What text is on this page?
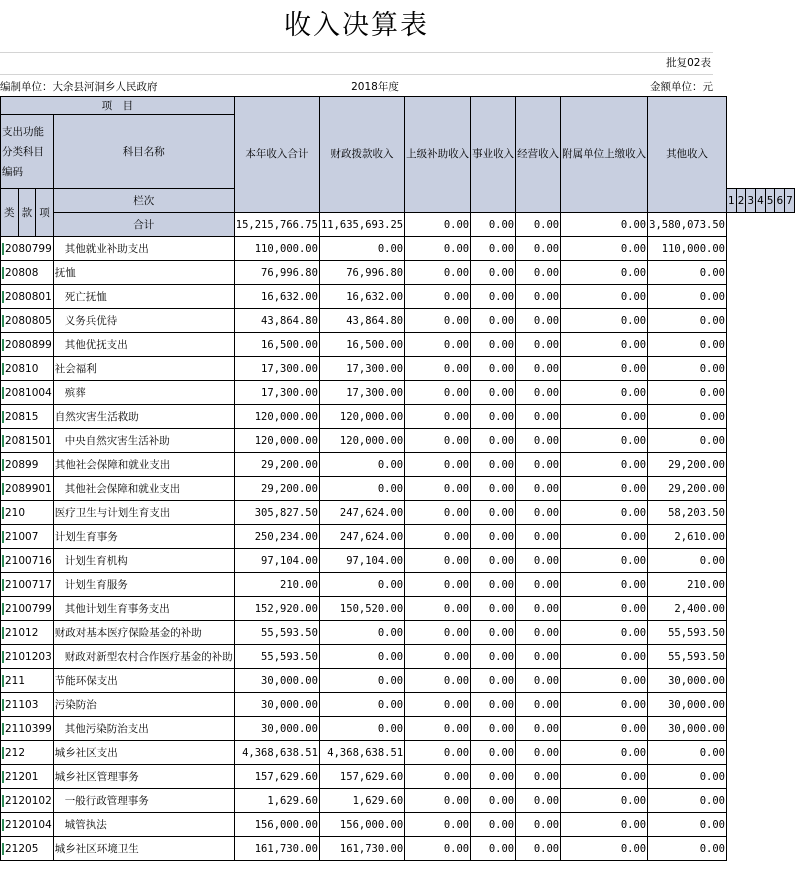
收入决算表
批复02表
编制单位：大余县河洞乡人民政府	2018年度	金额单位：元
项　目				本年收入合计	财政拨款收入	上级补助收入	事业收入	经营收入	附属单位上缴收入	其他收入							
支出功能分类科目编码			科目名称														
类	款	项	栏次								1	2	3	4	5	6	7
			合计	15,215,766.75	11,635,693.25	0.00	0.00	0.00	0.00	3,580,073.50							
2080799			其他就业补助支出	110,000.00	0.00	0.00	0.00	0.00	0.00	110,000.00							
20808			抚恤	76,996.80	76,996.80	0.00	0.00	0.00	0.00	0.00							
2080801			死亡抚恤	16,632.00	16,632.00	0.00	0.00	0.00	0.00	0.00							
2080805			义务兵优待	43,864.80	43,864.80	0.00	0.00	0.00	0.00	0.00							
2080899			其他优抚支出	16,500.00	16,500.00	0.00	0.00	0.00	0.00	0.00							
20810			社会福利	17,300.00	17,300.00	0.00	0.00	0.00	0.00	0.00							
2081004			殡葬	17,300.00	17,300.00	0.00	0.00	0.00	0.00	0.00							
20815			自然灾害生活救助	120,000.00	120,000.00	0.00	0.00	0.00	0.00	0.00							
2081501			中央自然灾害生活补助	120,000.00	120,000.00	0.00	0.00	0.00	0.00	0.00							
20899			其他社会保障和就业支出	29,200.00	0.00	0.00	0.00	0.00	0.00	29,200.00							
2089901			其他社会保障和就业支出	29,200.00	0.00	0.00	0.00	0.00	0.00	29,200.00							
210			医疗卫生与计划生育支出	305,827.50	247,624.00	0.00	0.00	0.00	0.00	58,203.50							
21007			计划生育事务	250,234.00	247,624.00	0.00	0.00	0.00	0.00	2,610.00							
2100716			计划生育机构	97,104.00	97,104.00	0.00	0.00	0.00	0.00	0.00							
2100717			计划生育服务	210.00	0.00	0.00	0.00	0.00	0.00	210.00							
2100799			其他计划生育事务支出	152,920.00	150,520.00	0.00	0.00	0.00	0.00	2,400.00							
21012			财政对基本医疗保险基金的补助	55,593.50	0.00	0.00	0.00	0.00	0.00	55,593.50							
2101203			财政对新型农村合作医疗基金的补助	55,593.50	0.00	0.00	0.00	0.00	0.00	55,593.50							
211			节能环保支出	30,000.00	0.00	0.00	0.00	0.00	0.00	30,000.00							
21103			污染防治	30,000.00	0.00	0.00	0.00	0.00	0.00	30,000.00							
2110399			其他污染防治支出	30,000.00	0.00	0.00	0.00	0.00	0.00	30,000.00							
212			城乡社区支出	4,368,638.51	4,368,638.51	0.00	0.00	0.00	0.00	0.00							
21201			城乡社区管理事务	157,629.60	157,629.60	0.00	0.00	0.00	0.00	0.00							
2120102			一般行政管理事务	1,629.60	1,629.60	0.00	0.00	0.00	0.00	0.00							
2120104			城管执法	156,000.00	156,000.00	0.00	0.00	0.00	0.00	0.00							
21205			城乡社区环境卫生	161,730.00	161,730.00	0.00	0.00	0.00	0.00	0.00							
